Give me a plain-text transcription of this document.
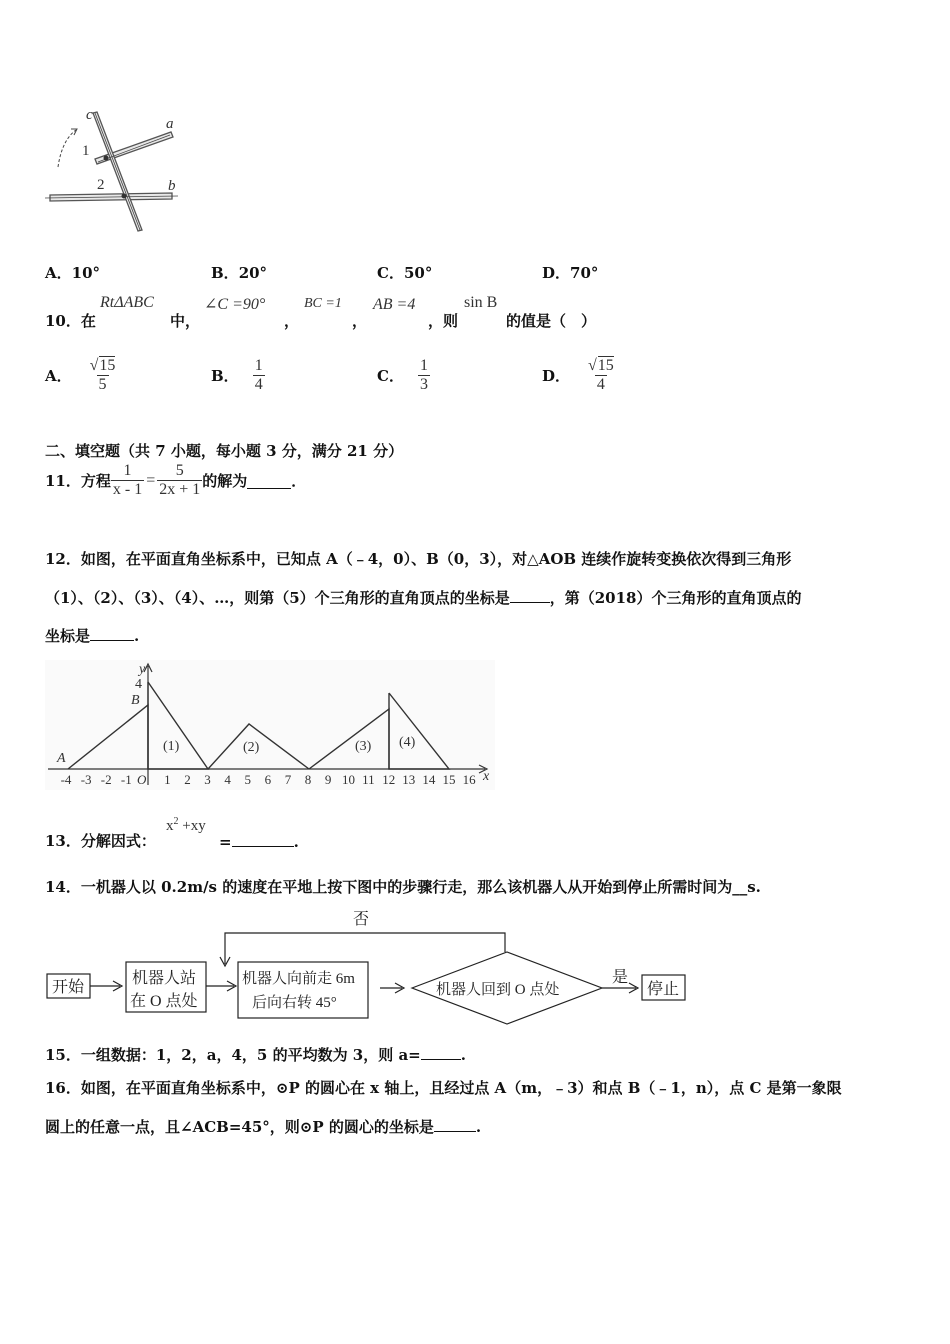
c
a
b
1
2
A．10°	B．20°	C．50°	D．70°
10．在
RtΔABC
中，
∠C =90°
，
BC =1
，
AB =4
，则
sin B
的值是（　）
A． $\frac{√15}{5}$	B． $\frac{1}{4}$	C． $\frac{1}{3}$	D． $\frac{√15}{4}$
二、填空题（共 7 小题，每小题 3 分，满分 21 分）
11．方程 $\frac{1}{x - 1} = \frac{5}{2x + 1}$ 的解为	．
12．如图，在平面直角坐标系中，已知点 A（﹣4，0）、B（0，3），对△AOB 连续作旋转变换依次得到三角形
（1）、（2）、（3）、（4）、…，则第（5）个三角形的直角顶点的坐标是	，第（2018）个三角形的直角顶点的
坐标是	.
y
4
B
A
x
(1)	(2)	(3) (4)
-4 -3 -2 -1 O 1 2 3 4 5 6 7 8 9 10 11 12 13 14 15 16
13．分解因式：
$x^2 +xy$
=	.
14．一机器人以 0.2m/s 的速度在平地上按下图中的步骤行走，那么该机器人从开始到停止所需时间为__s.
否
开始
机器人站
在 O 点处
机器人向前走 6m
后向右转 45°
机器人回到 O 点处
是
停止
15．一组数据：1，2，a，4，5 的平均数为 3，则 a=	.
16．如图，在平面直角坐标系中，⊙P 的圆心在 x 轴上，且经过点 A（m，﹣3）和点 B（﹣1，n），点 C 是第一象限
圆上的任意一点，且∠ACB=45°，则⊙P 的圆心的坐标是	.
